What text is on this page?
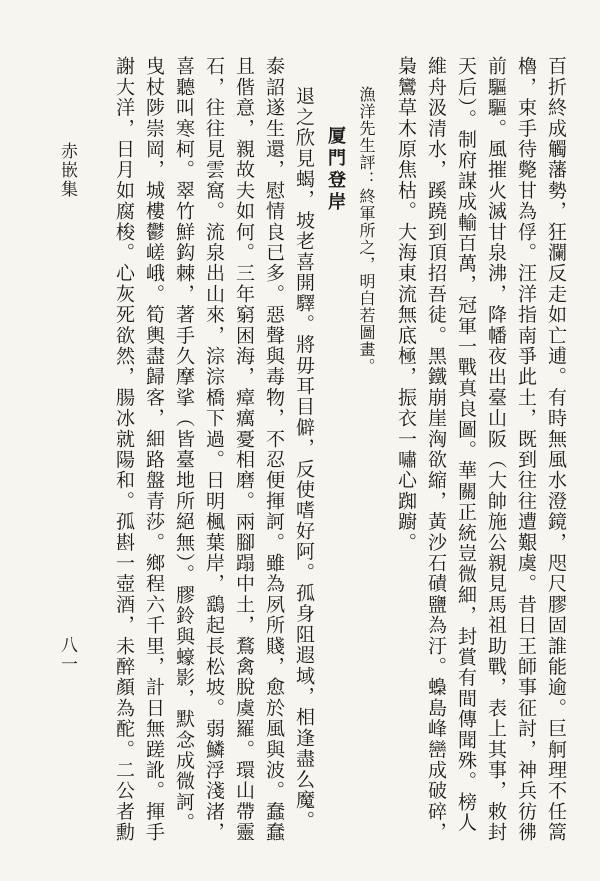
百折終成觸藩勢，狂瀾反走如亡逋。有時無風水澄鏡，咫尺膠固誰能逾。巨舸理不任篙
櫓，束手待斃甘為俘。汪洋指南爭此土，既到往往遭艱虞。昔日王師事征討，神兵彷彿
前驅驅。風摧火滅甘泉沸，降幡夜出臺山阪（大帥施公親見馬祖助戰，表上其事，敕封
天后）。制府謀成輸百萬，冠軍一戰真良圖。華關正統豈微細，封賞有間傳聞殊。榜人
維舟汲清水，蹊蹺到頂招吾徒。黑鐵崩崖洶欲縮，黃沙石磧鹽為汙。蟂島峰巒成破碎，
梟鸞草木原焦枯。大海東流無底極，振衣一嘯心踟躕。
漁洋先生評：終軍所之，明白若圖畫。
厦門登岸
退之欣見蝎，坡老喜開驛。將毋耳目僻，反使嗜好阿。孤身阻遐域，相逢盡么魔。
泰詔遂生還，慰情良已多。惡聲與毒物，不忍便揮訶。雖為夙所賤，愈於風與波。蠢蠢
且偕意，親故夫如何。三年窮困海，瘴癘憂相磨。兩腳蹋中土，鶩禽脫虞羅。環山帶靈
石，往往見雲窩。流泉出山來，淙淙橋下過。日明楓葉岸，鷂起長松坡。弱鱗浮淺渚，
喜聽叫寒柯。翠竹鮮鈎棘，著手久摩挲（皆臺地所絕無）。膠鈴與蠔影，默念成微訶。
曳杖陟崇岡，城樓鬱嵯峨。筍輿盡歸客，細路盤青莎。鄉程六千里，計日無蹉訛。揮手
謝大洋，日月如腐梭。心灰死欲然，腸冰就陽和。孤斟一壺酒，未醉顏為酡。二公者勳
赤嵌集
八一
